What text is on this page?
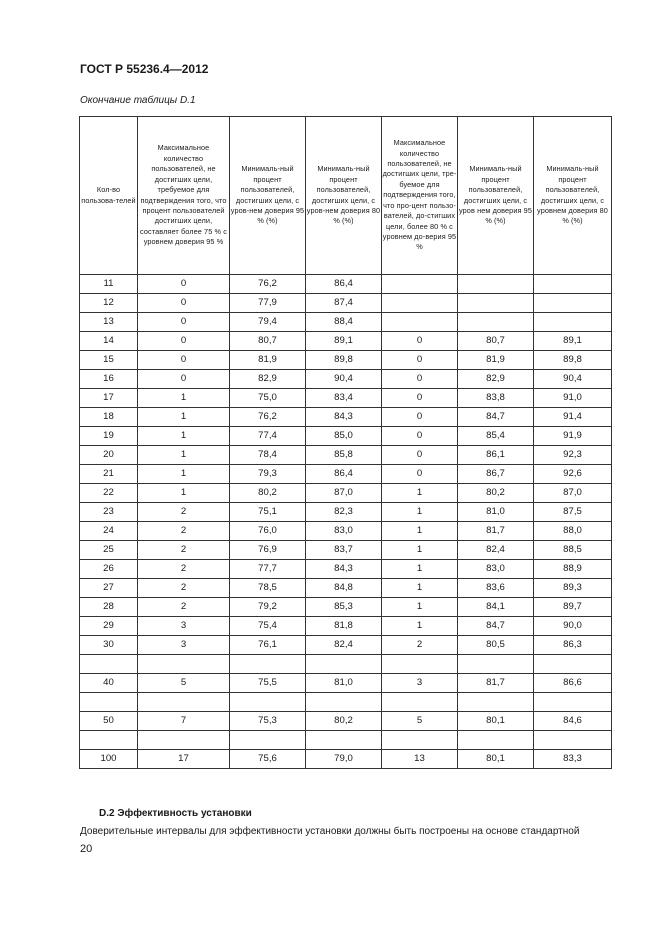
ГОСТ Р 55236.4—2012
Окончание таблицы D.1
Кол-во пользова-телей	Максимальное количество пользователей, не достигших цели, требуемое для подтверждения того, что процент пользователей достигших цели, составляет более 75 % с уровнем доверия 95 %	Минималь-ный процент пользователей, достигших цели, с уров-нем доверия 95 % (%)	Минималь-ный процент пользователей, достигших цели, с уров-нем доверия 80 % (%)	Максимальное количество пользователей, не достигших цели, тре-буемое для подтверждения того, что про-цент пользо-вателей, до-стигших цели, более 80 % с уровнем до-верия 95 %	Минималь-ный процент пользователей, достигших цели, с уров нем доверия 95 % (%)	Минималь-ный процент пользователей, достигших цели, с уровнем доверия 80 % (%)
11	0	76,2	86,4			
12	0	77,9	87,4			
13	0	79,4	88,4			
14	0	80,7	89,1	0	80,7	89,1
15	0	81,9	89,8	0	81,9	89,8
16	0	82,9	90,4	0	82,9	90,4
17	1	75,0	83,4	0	83,8	91,0
18	1	76,2	84,3	0	84,7	91,4
19	1	77,4	85,0	0	85,4	91,9
20	1	78,4	85,8	0	86,1	92,3
21	1	79,3	86,4	0	86,7	92,6
22	1	80,2	87,0	1	80,2	87,0
23	2	75,1	82,3	1	81,0	87,5
24	2	76,0	83,0	1	81,7	88,0
25	2	76,9	83,7	1	82,4	88,5
26	2	77,7	84,3	1	83,0	88,9
27	2	78,5	84,8	1	83,6	89,3
28	2	79,2	85,3	1	84,1	89,7
29	3	75,4	81,8	1	84,7	90,0
30	3	76,1	82,4	2	80,5	86,3

40	5	75,5	81,0	3	81,7	86,6

50	7	75,3	80,2	5	80,1	84,6

100	17	75,6	79,0	13	80,1	83,3
D.2 Эффективность установки
Доверительные интервалы для эффективности установки должны быть построены на основе стандартной
20
